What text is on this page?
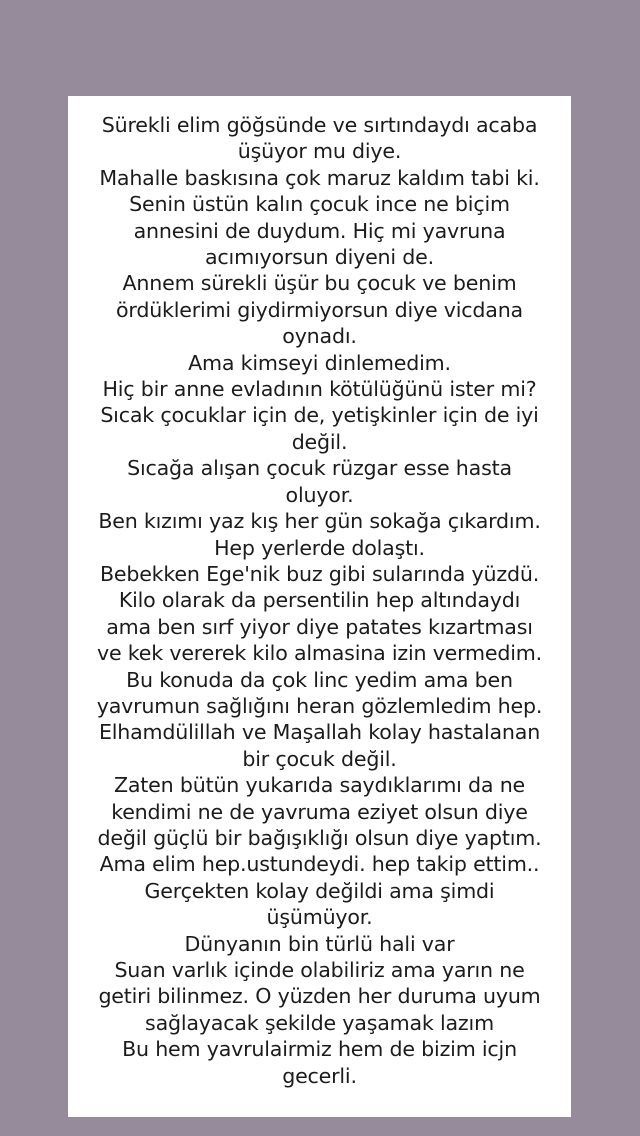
Sürekli elim göğsünde ve sırtındaydı acaba
üşüyor mu diye.
Mahalle baskısına çok maruz kaldım tabi ki.
Senin üstün kalın çocuk ince ne biçim
annesini de duydum. Hiç mi yavruna
acımıyorsun diyeni de.
Annem sürekli üşür bu çocuk ve benim
ördüklerimi giydirmiyorsun diye vicdana
oynadı.
Ama kimseyi dinlemedim.
Hiç bir anne evladının kötülüğünü ister mi?
Sıcak çocuklar için de, yetişkinler için de iyi
değil.
Sıcağa alışan çocuk rüzgar esse hasta
oluyor.
Ben kızımı yaz kış her gün sokağa çıkardım.
Hep yerlerde dolaştı.
Bebekken Ege'nik buz gibi sularında yüzdü.
Kilo olarak da persentilin hep altındaydı
ama ben sırf yiyor diye patates kızartması
ve kek vererek kilo almasina izin vermedim.
Bu konuda da çok linc yedim ama ben
yavrumun sağlığını heran gözlemledim hep.
Elhamdülillah ve Maşallah kolay hastalanan
bir çocuk değil.
Zaten bütün yukarıda saydıklarımı da ne
kendimi ne de yavruma eziyet olsun diye
değil güçlü bir bağışıklığı olsun diye yaptım.
Ama elim hep.ustundeydi. hep takip ettim..
Gerçekten kolay değildi ama şimdi
üşümüyor.
Dünyanın bin türlü hali var
Suan varlık içinde olabiliriz ama yarın ne
getiri bilinmez. O yüzden her duruma uyum
sağlayacak şekilde yaşamak lazım
Bu hem yavrulairmiz hem de bizim icjn
gecerli.
